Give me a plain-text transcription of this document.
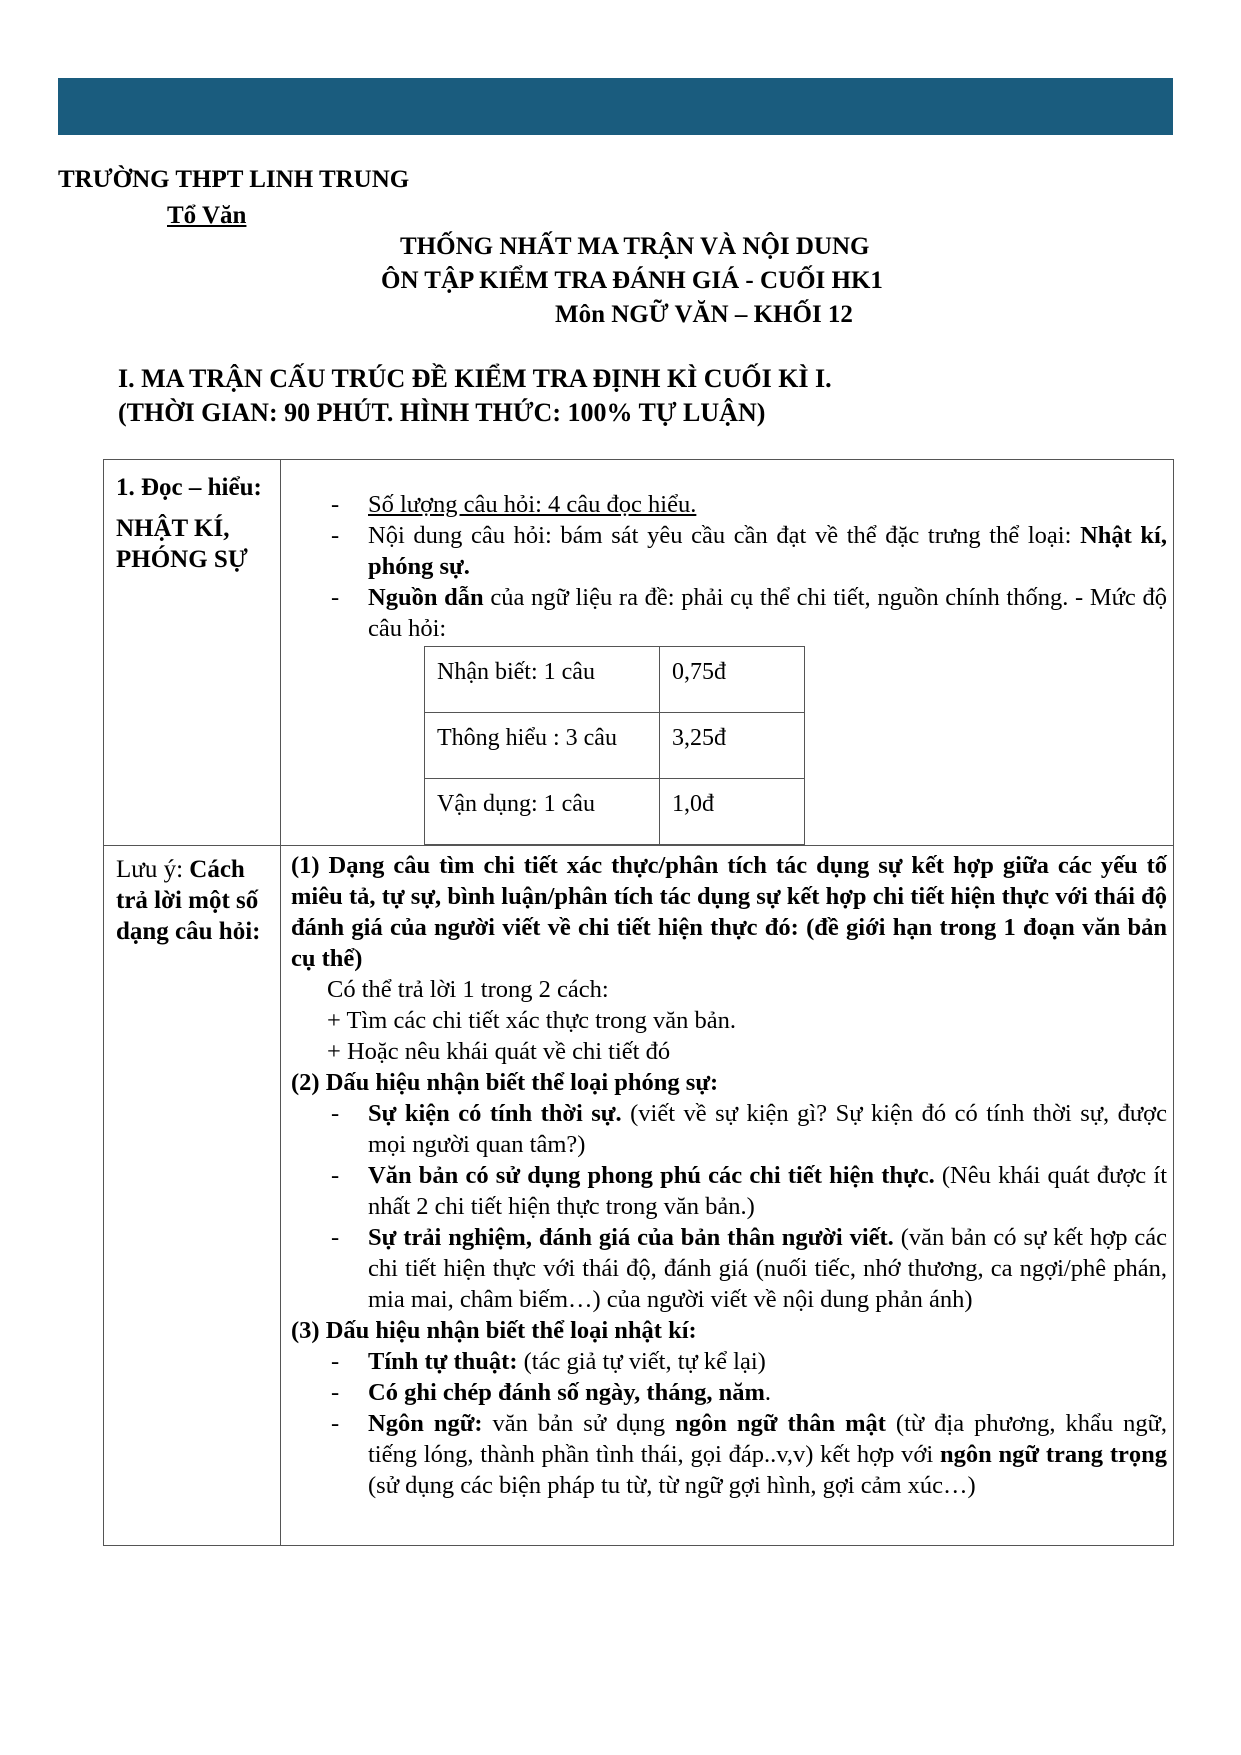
TRƯỜNG THPT LINH TRUNG
Tổ Văn
THỐNG NHẤT MA TRẬN VÀ NỘI DUNG
ÔN TẬP KIỂM TRA ĐÁNH GIÁ - CUỐI HK1
Môn NGỮ VĂN – KHỐI 12
I. MA TRẬN CẤU TRÚC ĐỀ KIỂM TRA ĐỊNH KÌ CUỐI KÌ I.
(THỜI GIAN: 90 PHÚT. HÌNH THỨC: 100% TỰ LUẬN)
1. Đọc – hiểu:
NHẬT KÍ, PHÓNG SỰ

- Số lượng câu hỏi: 4 câu đọc hiểu.
- Nội dung câu hỏi: bám sát yêu cầu cần đạt về thể đặc trưng thể loại: Nhật kí, phóng sự.
- Nguồn dẫn của ngữ liệu ra đề: phải cụ thể chi tiết, nguồn chính thống. - Mức độ câu hỏi:
Nhận biết: 1 câu	0,75đ
Thông hiểu : 3 câu	3,25đ
Vận dụng: 1 câu	1,0đ

Lưu ý: Cách trả lời một số dạng câu hỏi:

(1) Dạng câu tìm chi tiết xác thực/phân tích tác dụng sự kết hợp giữa các yếu tố miêu tả, tự sự, bình luận/phân tích tác dụng sự kết hợp chi tiết hiện thực với thái độ đánh giá của người viết về chi tiết hiện thực đó: (đề giới hạn trong 1 đoạn văn bản cụ thể)
Có thể trả lời 1 trong 2 cách:
+ Tìm các chi tiết xác thực trong văn bản.
+ Hoặc nêu khái quát về chi tiết đó
(2) Dấu hiệu nhận biết thể loại phóng sự:
- Sự kiện có tính thời sự. (viết về sự kiện gì? Sự kiện đó có tính thời sự, được mọi người quan tâm?)
- Văn bản có sử dụng phong phú các chi tiết hiện thực. (Nêu khái quát được ít nhất 2 chi tiết hiện thực trong văn bản.)
- Sự trải nghiệm, đánh giá của bản thân người viết. (văn bản có sự kết hợp các chi tiết hiện thực với thái độ, đánh giá (nuối tiếc, nhớ thương, ca ngợi/phê phán, mia mai, châm biếm…) của người viết về nội dung phản ánh)
(3) Dấu hiệu nhận biết thể loại nhật kí:
- Tính tự thuật: (tác giả tự viết, tự kể lại)
- Có ghi chép đánh số ngày, tháng, năm.
- Ngôn ngữ: văn bản sử dụng ngôn ngữ thân mật (từ địa phương, khẩu ngữ, tiếng lóng, thành phần tình thái, gọi đáp..v,v) kết hợp với ngôn ngữ trang trọng (sử dụng các biện pháp tu từ, từ ngữ gợi hình, gợi cảm xúc…)
